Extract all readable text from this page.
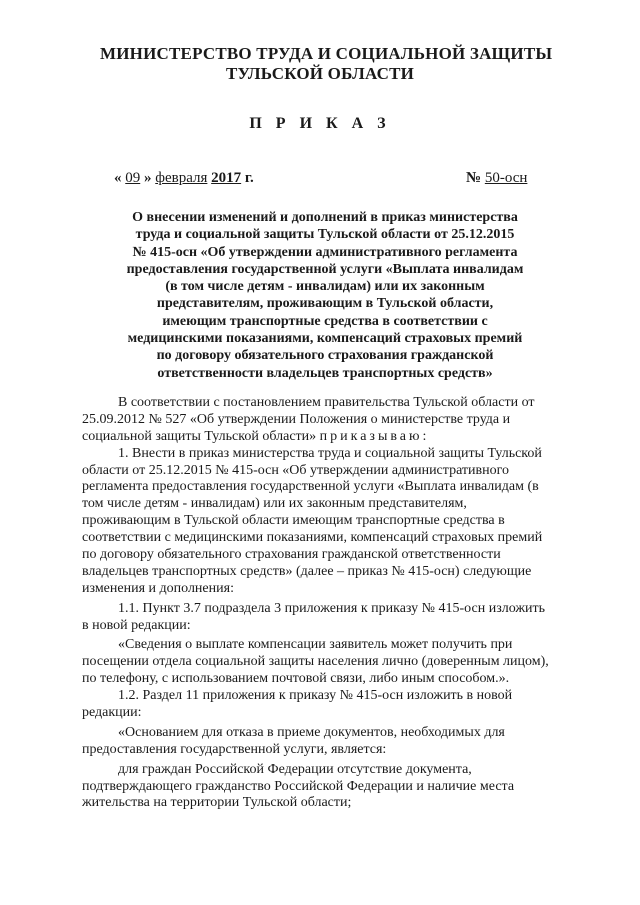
МИНИСТЕРСТВО ТРУДА И СОЦИАЛЬНОЙ ЗАЩИТЫ
ТУЛЬСКОЙ ОБЛАСТИ
П Р И К А З
« 09 » февраля 2017 г.	№ 50-осн
О внесении изменений и дополнений в приказ министерства
труда и социальной защиты Тульской области от 25.12.2015
№ 415-осн «Об утверждении административного регламента
предоставления государственной услуги «Выплата инвалидам
(в том числе детям - инвалидам) или их законным
представителям, проживающим в Тульской области,
имеющим транспортные средства в соответствии с
медицинскими показаниями, компенсаций страховых премий
по договору обязательного страхования гражданской
ответственности владельцев транспортных средств»
В соответствии с постановлением правительства Тульской области от
25.09.2012 № 527 «Об утверждении Положения о министерстве труда и
социальной защиты Тульской области» приказываю:
1. Внести в приказ министерства труда и социальной защиты Тульской
области от 25.12.2015 № 415-осн «Об утверждении административного
регламента предоставления государственной услуги «Выплата инвалидам (в
том числе детям - инвалидам) или их законным представителям,
проживающим в Тульской области имеющим транспортные средства в
соответствии с медицинскими показаниями, компенсаций страховых премий
по договору обязательного страхования гражданской ответственности
владельцев транспортных средств» (далее – приказ № 415-осн) следующие
изменения и дополнения:
1.1. Пункт 3.7 подраздела 3 приложения к приказу № 415-осн изложить
в новой редакции:
«Сведения о выплате компенсации заявитель может получить при
посещении отдела социальной защиты населения лично (доверенным лицом),
по телефону, с использованием почтовой связи, либо иным способом.».
1.2. Раздел 11 приложения к приказу № 415-осн изложить в новой
редакции:
«Основанием для отказа в приеме документов, необходимых для
предоставления государственной услуги, является:
для граждан Российской Федерации отсутствие документа,
подтверждающего гражданство Российской Федерации и наличие места
жительства на территории Тульской области;
